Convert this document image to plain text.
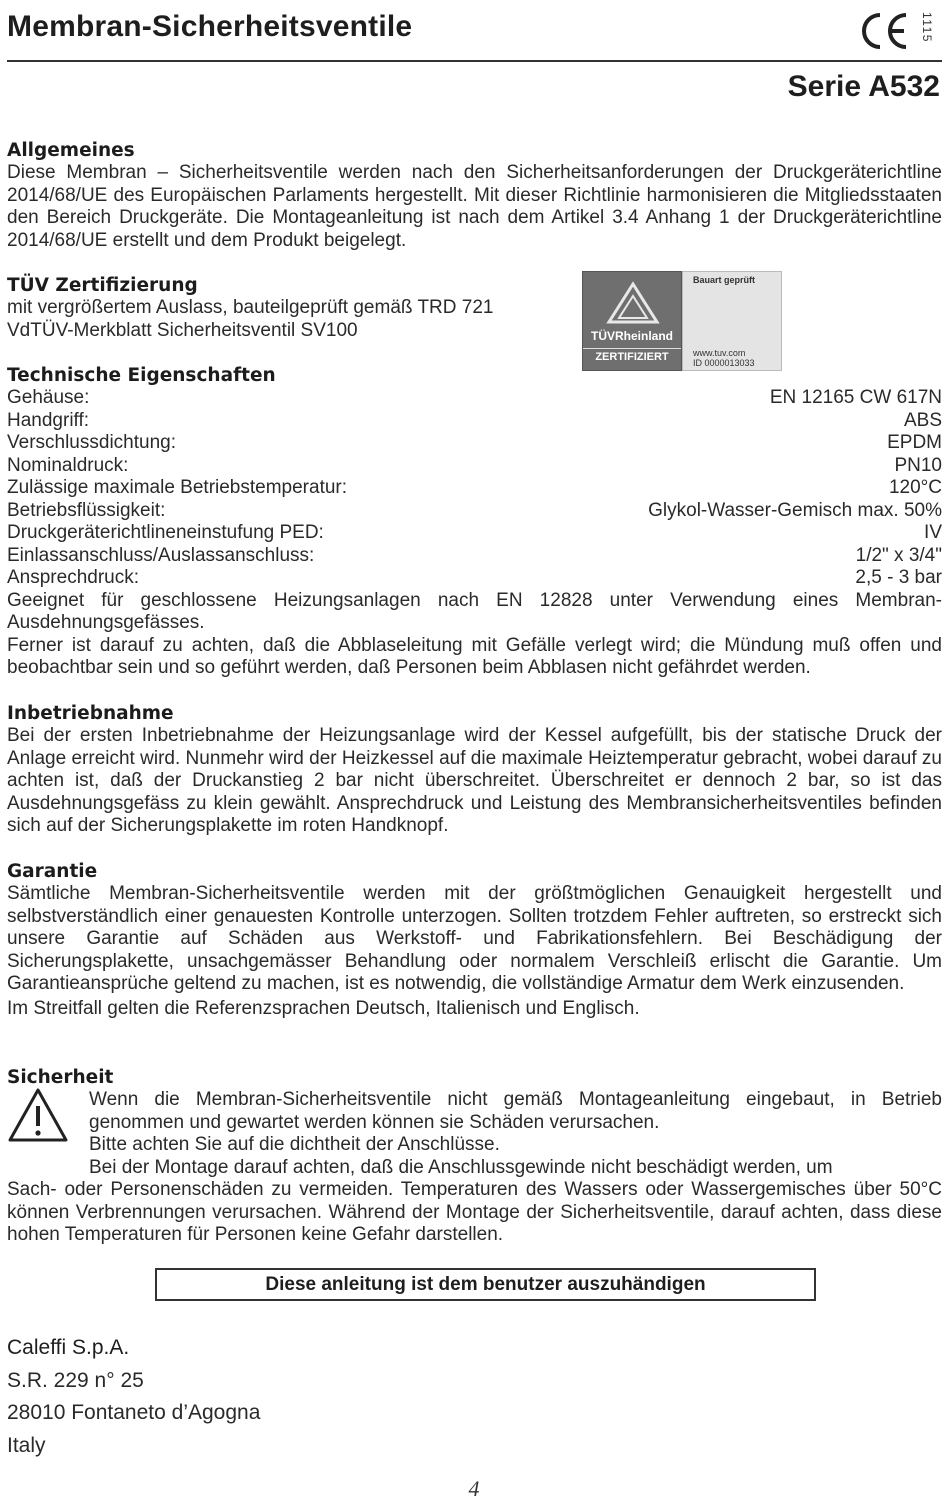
Membran-Sicherheitsventile	1115
Serie A532
Allgemeines

Diese Membran – Sicherheitsventile werden nach den Sicherheitsanforderungen der Druckgeräterichtline 2014/68/UE des Europäischen Parlaments hergestellt. Mit dieser Richtlinie harmonisieren die Mitgliedsstaaten den Bereich Druckgeräte. Die Montageanleitung ist nach dem Artikel 3.4 Anhang 1 der Druckgeräterichtline 2014/68/UE erstellt und dem Produkt beigelegt.

TÜV Zertifizierung

mit vergrößertem Auslass, bauteilgeprüft gemäß TRD 721

VdTÜV-Merkblatt Sicherheitsventil SV100	TÜVRheinland
ZERTIFIZIERT
Bauart geprüft
www.tuv.com
ID 0000013033
Technische Eigenschaften
Gehäuse:	EN 12165 CW 617N
Handgriff:	ABS
Verschlussdichtung:	EPDM
Nominaldruck:	PN10
Zulässige maximale Betriebstemperatur:	120°C
Betriebsflüssigkeit:	Glykol-Wasser-Gemisch max. 50%
Druckgeräterichtlineneinstufung PED:	IV
Einlassanschluss/Auslassanschluss:	1/2" x 3/4"
Ansprechdruck:	2,5 - 3 bar

Geeignet für geschlossene Heizungsanlagen nach EN 12828 unter Verwendung eines Membran-Ausdehnungsgefässes.

Ferner ist darauf zu achten, daß die Abblaseleitung mit Gefälle verlegt wird; die Mündung muß offen und beobachtbar sein und so geführt werden, daß Personen beim Abblasen nicht gefährdet werden.

Inbetriebnahme

Bei der ersten Inbetriebnahme der Heizungsanlage wird der Kessel aufgefüllt, bis der statische Druck der Anlage erreicht wird. Nunmehr wird der Heizkessel auf die maximale Heiztemperatur gebracht, wobei darauf zu achten ist, daß der Druckanstieg 2 bar nicht überschreitet. Überschreitet er dennoch 2 bar, so ist das Ausdehnungsgefäss zu klein gewählt. Ansprechdruck und Leistung des Membransicherheitsventiles befinden sich auf der Sicherungsplakette im roten Handknopf.

Garantie

Sämtliche Membran-Sicherheitsventile werden mit der größtmöglichen Genauigkeit hergestellt und selbstverständlich einer genauesten Kontrolle unterzogen. Sollten trotzdem Fehler auftreten, so erstreckt sich unsere Garantie auf Schäden aus Werkstoff- und Fabrikationsfehlern. Bei Beschädigung der Sicherungsplakette, unsachgemässer Behandlung oder normalem Verschleiß erlischt die Garantie. Um Garantieansprüche geltend zu machen, ist es notwendig, die vollständige Armatur dem Werk einzusenden.

Im Streitfall gelten die Referenzsprachen Deutsch, Italienisch und Englisch.

Sicherheit

Wenn die Membran-Sicherheitsventile nicht gemäß Montageanleitung eingebaut, in Betrieb genommen und gewartet werden können sie Schäden verursachen.

Bitte achten Sie auf die dichtheit der Anschlüsse.

Bei der Montage darauf achten, daß die Anschlussgewinde nicht beschädigt werden, um

Sach- oder Personenschäden zu vermeiden. Temperaturen des Wassers oder Wassergemisches über 50°C können Verbrennungen verursachen. Während der Montage der Sicherheitsventile, darauf achten, dass diese hohen Temperaturen für Personen keine Gefahr darstellen.

Diese anleitung ist dem benutzer auszuhändigen
Caleffi S.p.A.
S.R. 229 n° 25
28010 Fontaneto d’Agogna
Italy
4
